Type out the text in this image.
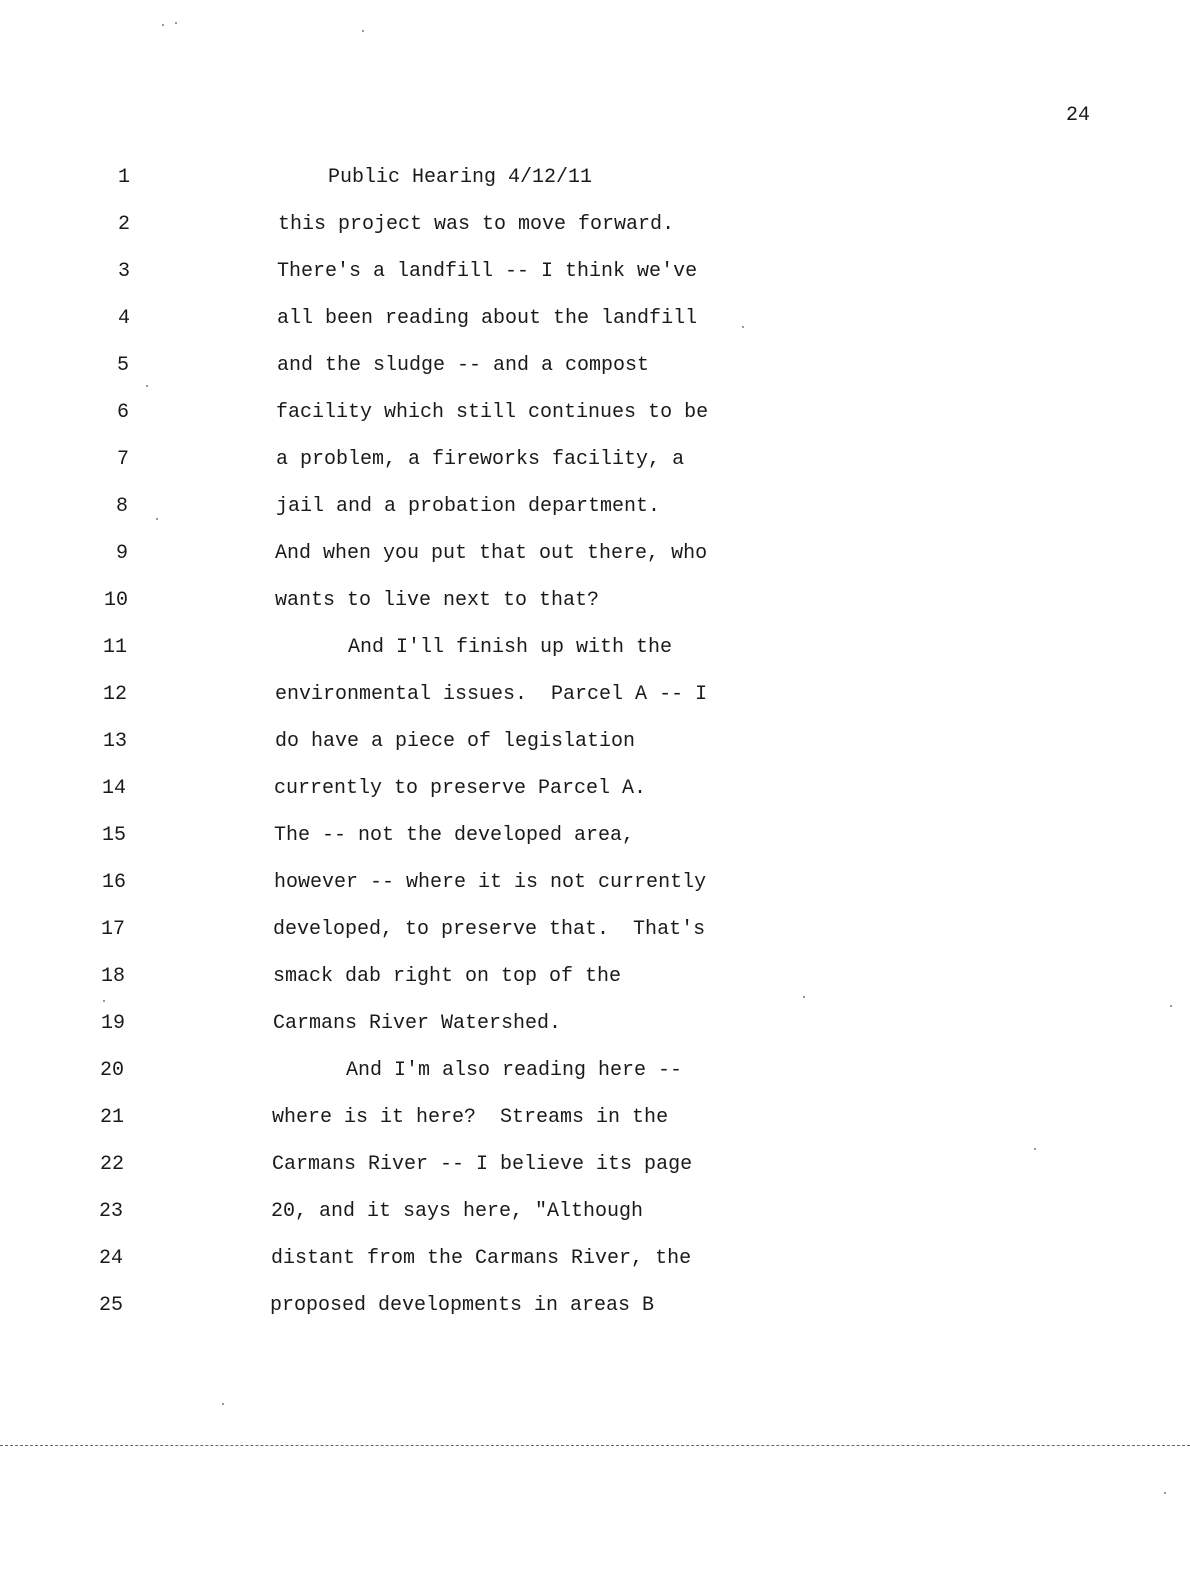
24
1	Public Hearing 4/12/11
2	this project was to move forward.
3	There's a landfill -- I think we've
4	all been reading about the landfill
5	and the sludge -- and a compost
6	facility which still continues to be
7	a problem, a fireworks facility, a
8	jail and a probation department.
9	And when you put that out there, who
10	wants to live next to that?
11	And I'll finish up with the
12	environmental issues.  Parcel A -- I
13	do have a piece of legislation
14	currently to preserve Parcel A.
15	The -- not the developed area,
16	however -- where it is not currently
17	developed, to preserve that.  That's
18	smack dab right on top of the
19	Carmans River Watershed.
20	And I'm also reading here --
21	where is it here?  Streams in the
22	Carmans River -- I believe its page
23	20, and it says here, "Although
24	distant from the Carmans River, the
25	proposed developments in areas B
